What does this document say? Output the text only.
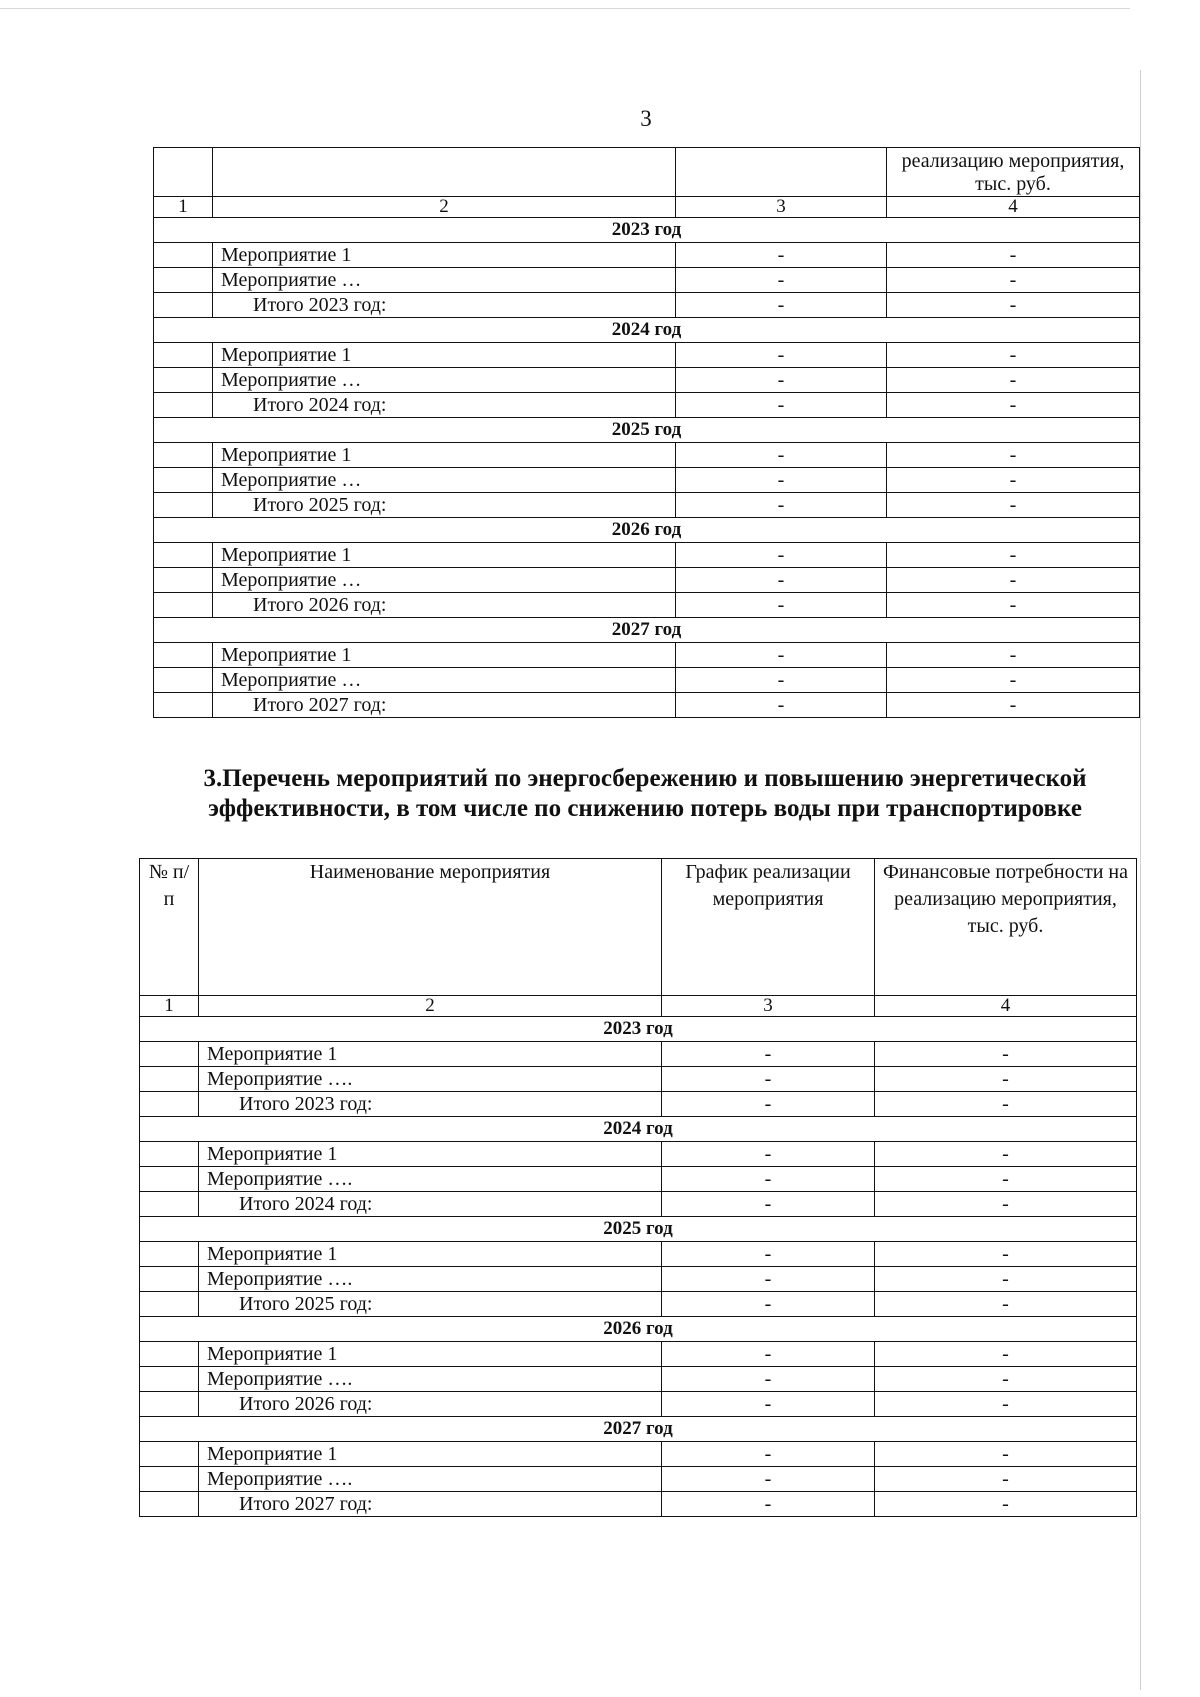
3
			реализацию мероприятия, тыс. руб.
1	2	3	4
2023 год			
	Мероприятие 1	-	-
	Мероприятие …	-	-
	Итого 2023 год:	-	-
2024 год			
	Мероприятие 1	-	-
	Мероприятие …	-	-
	Итого 2024 год:	-	-
2025 год			
	Мероприятие 1	-	-
	Мероприятие …	-	-
	Итого 2025 год:	-	-
2026 год			
	Мероприятие 1	-	-
	Мероприятие …	-	-
	Итого 2026 год:	-	-
2027 год			
	Мероприятие 1	-	-
	Мероприятие …	-	-
	Итого 2027 год:	-	-
3.Перечень мероприятий по энергосбережению и повышению энергетической эффективности, в том числе по снижению потерь воды при транспортировке
№ п/п	Наименование мероприятия	График реализации мероприятия	Финансовые потребности на реализацию мероприятия, тыс. руб.
1	2	3	4
2023 год			
	Мероприятие 1	-	-
	Мероприятие ….	-	-
	Итого 2023 год:	-	-
2024 год			
	Мероприятие 1	-	-
	Мероприятие ….	-	-
	Итого 2024 год:	-	-
2025 год			
	Мероприятие 1	-	-
	Мероприятие ….	-	-
	Итого 2025 год:	-	-
2026 год			
	Мероприятие 1	-	-
	Мероприятие ….	-	-
	Итого 2026 год:	-	-
2027 год			
	Мероприятие 1	-	-
	Мероприятие ….	-	-
	Итого 2027 год:	-	-
